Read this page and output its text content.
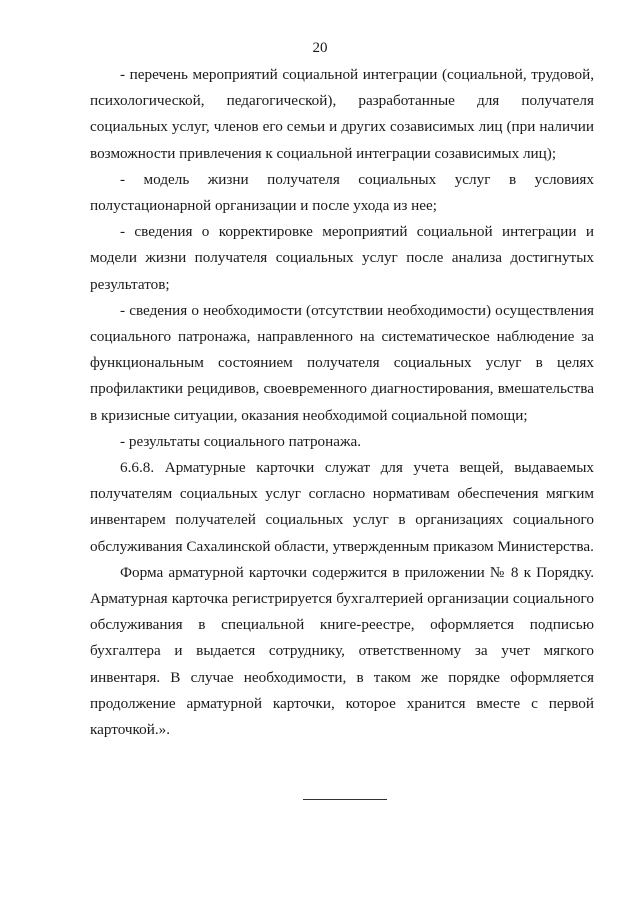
20

- перечень мероприятий социальной интеграции (социальной, трудовой, психологической, педагогической), разработанные для получателя социальных услуг, членов его семьи и других созависимых лиц (при наличии возможности привлечения к социальной интеграции созависимых лиц);

- модель жизни получателя социальных услуг в условиях полустационарной организации и после ухода из нее;

- сведения о корректировке мероприятий социальной интеграции и модели жизни получателя социальных услуг после анализа достигнутых результатов;

- сведения о необходимости (отсутствии необходимости) осуществления социального патронажа, направленного на систематическое наблюдение за функциональным состоянием получателя социальных услуг в целях профилактики рецидивов, своевременного диагностирования, вмешательства в кризисные ситуации, оказания необходимой социальной помощи;

- результаты социального патронажа.

6.6.8. Арматурные карточки служат для учета вещей, выдаваемых получателям социальных услуг согласно нормативам обеспечения мягким инвентарем получателей социальных услуг в организациях социального обслуживания Сахалинской области, утвержденным приказом Министерства.

Форма арматурной карточки содержится в приложении № 8 к Порядку. Арматурная карточка регистрируется бухгалтерией организации социального обслуживания в специальной книге-реестре, оформляется подписью бухгалтера и выдается сотруднику, ответственному за учет мягкого инвентаря. В случае необходимости, в таком же порядке оформляется продолжение арматурной карточки, которое хранится вместе с первой карточкой.».
